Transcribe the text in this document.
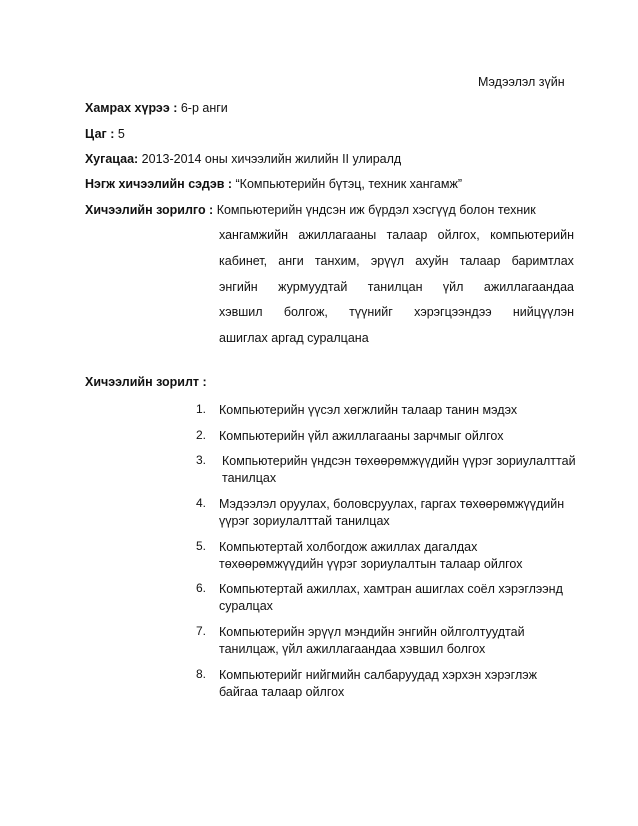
Мэдээлэл зүйн
Хамрах хүрээ : 6-р анги
Цаг : 5
Хугацаа: 2013-2014 оны хичээлийн жилийн II улиралд
Нэгж хичээлийн сэдэв : “Компьютерийн бүтэц, техник хангамж”
Хичээлийн зорилго : Компьютерийн үндсэн иж бүрдэл хэсгүүд болон техник
хангамжийн ажиллагааны талаар ойлгох, компьютерийн
кабинет, анги танхим, эрүүл ахуйн талаар баримтлах
энгийн журмуудтай танилцан үйл ажиллагаандаа
хэвшил болгож, түүнийг хэрэгцээндээ нийцүүлэн
ашиглах аргад суралцана
Хичээлийн зорилт :
1. Компьютерийн үүсэл хөгжлийн талаар танин мэдэх
2. Компьютерийн үйл ажиллагааны зарчмыг ойлгох
3. Компьютерийн үндсэн төхөөрөмжүүдийн үүрэг зориулалттай танилцах
4. Мэдээлэл оруулах, боловсруулах, гаргах төхөөрөмжүүдийн үүрэг зориулалттай танилцах
5. Компьютертай холбогдож ажиллах дагалдах төхөөрөмжүүдийн үүрэг зориулалтын талаар ойлгох
6. Компьютертай ажиллах, хамтран ашиглах соёл хэрэглээнд суралцах
7. Компьютерийн эрүүл мэндийн энгийн ойлголтуудтай танилцаж, үйл ажиллагаандаа хэвшил болгох
8. Компьютерийг нийгмийн салбаруудад хэрхэн хэрэглэж байгаа талаар ойлгох
